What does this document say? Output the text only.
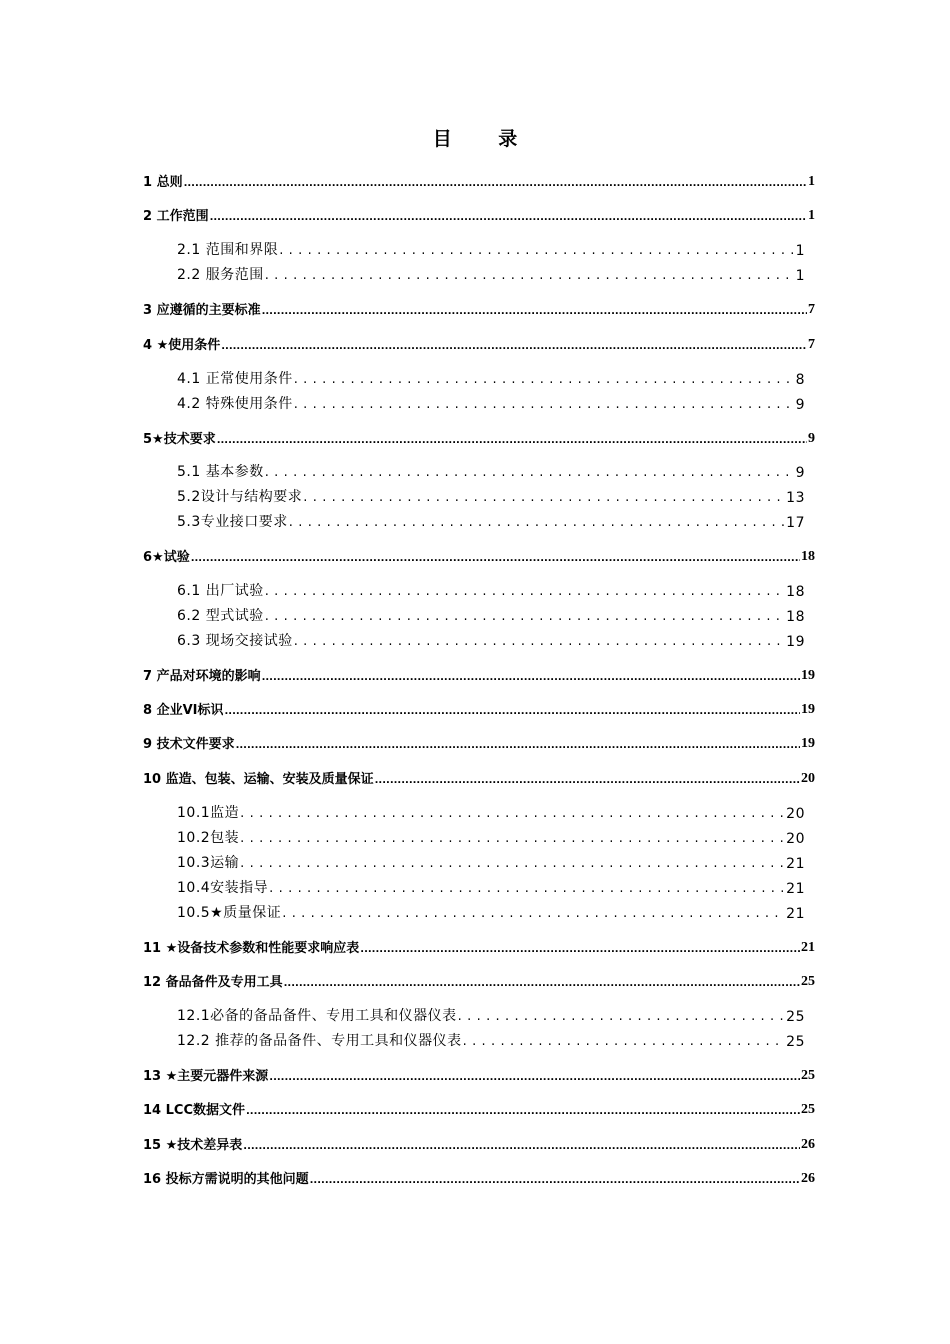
目 录
1 总则 .....	1
2 工作范围 .....	1
2.1 范围和界限 . . .	1
2.2 服务范围 . . .	1
3 应遵循的主要标准 .....	7
4 ★使用条件 .....	7
4.1 正常使用条件 . . .	8
4.2 特殊使用条件 . . .	9
5★技术要求 .....	9
5.1 基本参数 . . .	9
5.2设计与结构要求 . . .	13
5.3专业接口要求 . . .	17
6★试验 .....	18
6.1 出厂试验 . . .	18
6.2 型式试验 . . .	18
6.3 现场交接试验 . . .	19
7 产品对环境的影响 .....	19
8 企业VI标识 .....	19
9 技术文件要求 .....	19
10 监造、包装、运输、安装及质量保证 .....	20
10.1监造 . . .	20
10.2包装 . . .	20
10.3运输 . . .	21
10.4安装指导 . . .	21
10.5★质量保证 . . .	21
11 ★设备技术参数和性能要求响应表 .....	21
12 备品备件及专用工具 .....	25
12.1必备的备品备件、专用工具和仪器仪表 . . .	25
12.2 推荐的备品备件、专用工具和仪器仪表 . . .	25
13 ★主要元器件来源 .....	25
14 LCC数据文件 .....	25
15 ★技术差异表 .....	26
16 投标方需说明的其他问题 .....	26
